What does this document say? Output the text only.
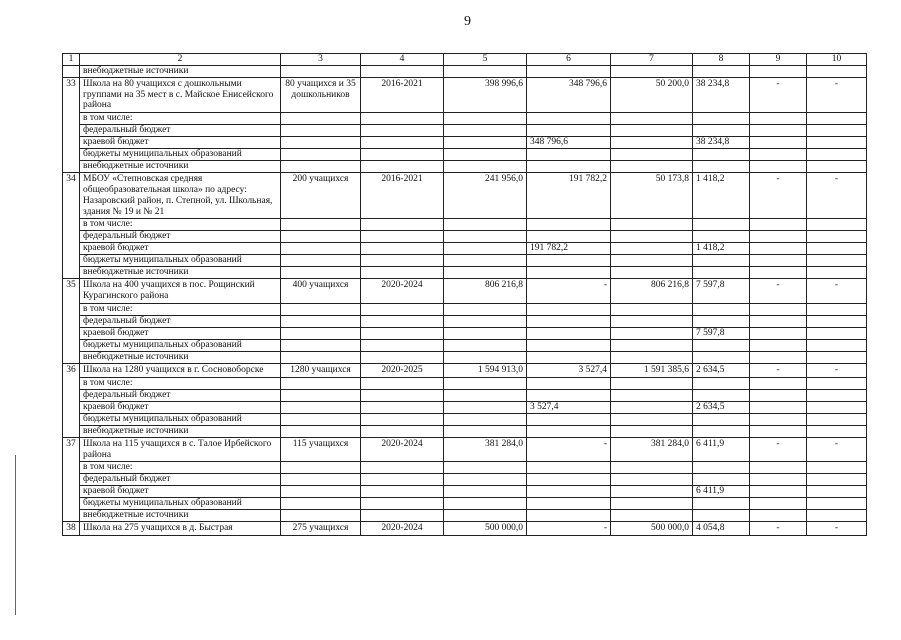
9
1	2	3	4	5	6	7	8	9	10
	внебюджетные источники								
33	Школа на 80 учащихся с дошкольными группами на 35 мест в с. Майское Енисейского района	80 учащихся и 35 дошкольников	2016-2021	398 996,6	348 796,6	50 200,0	38 234,8	-	-
	в том числе:								
	федеральный бюджет								
	краевой бюджет				348 796,6		38 234,8		
	бюджеты муниципальных образований								
	внебюджетные источники								
34	МБОУ «Степновская средняя общеобразовательная школа» по адресу: Назаровский район, п. Степной, ул. Школьная, здания № 19 и № 21	200 учащихся	2016-2021	241 956,0	191 782,2	50 173,8	1 418,2	-	-
	в том числе:								
	федеральный бюджет								
	краевой бюджет				191 782,2		1 418,2		
	бюджеты муниципальных образований								
	внебюджетные источники								
35	Школа на 400 учащихся в пос. Рощинский Курагинского района	400 учащихся	2020-2024	806 216,8	-	806 216,8	7 597,8	-	-
	в том числе:								
	федеральный бюджет								
	краевой бюджет						7 597,8		
	бюджеты муниципальных образований								
	внебюджетные источники								
36	Школа на 1280 учащихся в г. Сосновоборске	1280 учащихся	2020-2025	1 594 913,0	3 527,4	1 591 385,6	2 634,5	-	-
	в том числе:								
	федеральный бюджет								
	краевой бюджет				3 527,4		2 634,5		
	бюджеты муниципальных образований								
	внебюджетные источники								
37	Школа на 115 учащихся в с. Талое Ирбейского района	115 учащихся	2020-2024	381 284,0	-	381 284,0	6 411,9	-	-
	в том числе:								
	федеральный бюджет								
	краевой бюджет						6 411,9		
	бюджеты муниципальных образований								
	внебюджетные источники								
38	Школа на 275 учащихся в д. Быстрая	275 учащихся	2020-2024	500 000,0	-	500 000,0	4 054,8	-	-
